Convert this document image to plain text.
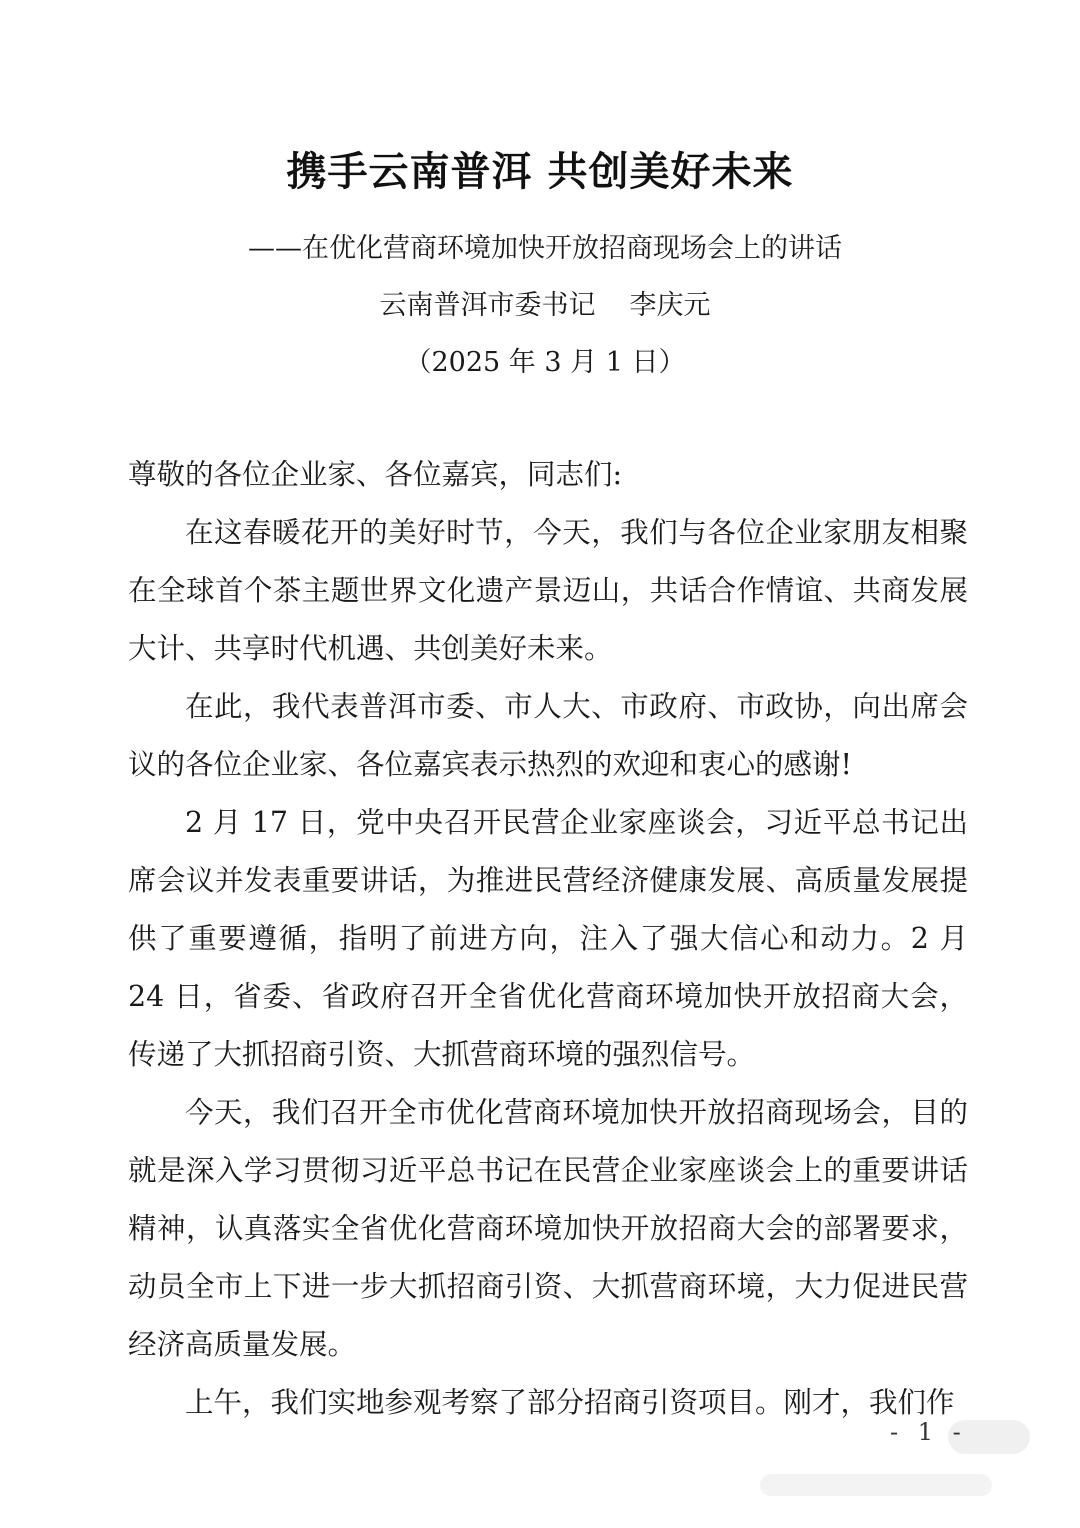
携手云南普洱 共创美好未来
——在优化营商环境加快开放招商现场会上的讲话
云南普洱市委书记 李庆元
（2025 年 3 月 1 日）

尊敬的各位企业家、各位嘉宾，同志们:

在这春暖花开的美好时节，今天，我们与各位企业家朋友相聚在全球首个茶主题世界文化遗产景迈山，共话合作情谊、共商发展大计、共享时代机遇、共创美好未来。

在此，我代表普洱市委、市人大、市政府、市政协，向出席会议的各位企业家、各位嘉宾表示热烈的欢迎和衷心的感谢!

2 月 17 日，党中央召开民营企业家座谈会，习近平总书记出席会议并发表重要讲话，为推进民营经济健康发展、高质量发展提供了重要遵循，指明了前进方向，注入了强大信心和动力。2 月 24 日，省委、省政府召开全省优化营商环境加快开放招商大会，传递了大抓招商引资、大抓营商环境的强烈信号。

今天，我们召开全市优化营商环境加快开放招商现场会，目的就是深入学习贯彻习近平总书记在民营企业家座谈会上的重要讲话精神，认真落实全省优化营商环境加快开放招商大会的部署要求，动员全市上下进一步大抓招商引资、大抓营商环境，大力促进民营经济高质量发展。

上午，我们实地参观考察了部分招商引资项目。刚才，我们作

- 1 -
